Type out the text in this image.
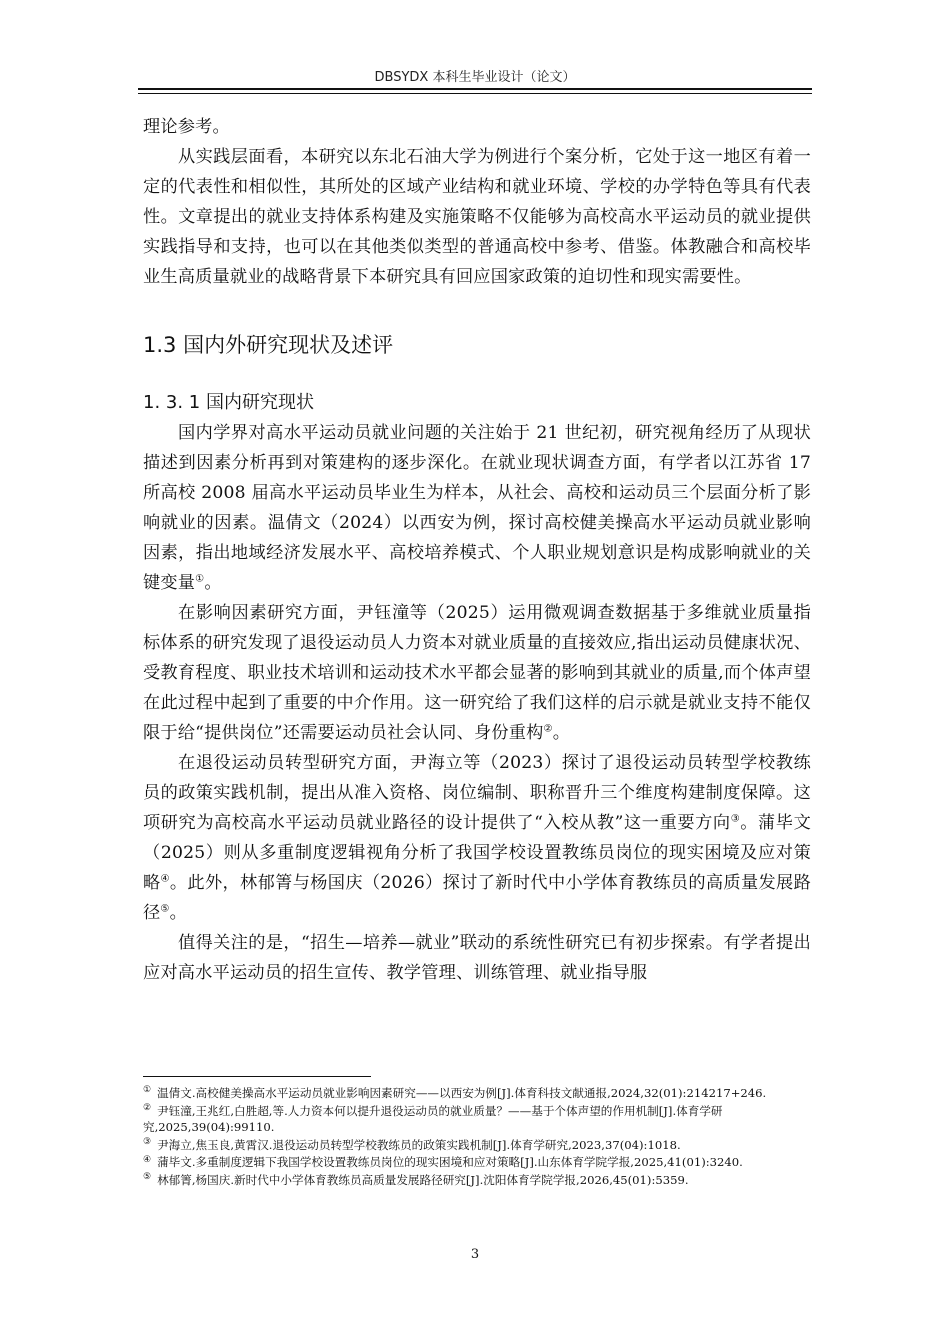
DBSYDX 本科生毕业设计（论文）

理论参考。

从实践层面看，本研究以东北石油大学为例进行个案分析，它处于这一地区有着一定的代表性和相似性，其所处的区域产业结构和就业环境、学校的办学特色等具有代表性。文章提出的就业支持体系构建及实施策略不仅能够为高校高水平运动员的就业提供实践指导和支持，也可以在其他类似类型的普通高校中参考、借鉴。体教融合和高校毕业生高质量就业的战略背景下本研究具有回应国家政策的迫切性和现实需要性。

1.3 国内外研究现状及述评
1. 3. 1 国内研究现状

国内学界对高水平运动员就业问题的关注始于 21 世纪初，研究视角经历了从现状描述到因素分析再到对策建构的逐步深化。在就业现状调查方面，有学者以江苏省 17 所高校 2008 届高水平运动员毕业生为样本，从社会、高校和运动员三个层面分析了影响就业的因素。温倩文（2024）以西安为例，探讨高校健美操高水平运动员就业影响因素，指出地域经济发展水平、高校培养模式、个人职业规划意识是构成影响就业的关键变量①。

在影响因素研究方面，尹钰潼等（2025）运用微观调查数据基于多维就业质量指标体系的研究发现了退役运动员人力资本对就业质量的直接效应,指出运动员健康状况、受教育程度、职业技术培训和运动技术水平都会显著的影响到其就业的质量,而个体声望在此过程中起到了重要的中介作用。这一研究给了我们这样的启示就是就业支持不能仅限于给“提供岗位”还需要运动员社会认同、身份重构②。

在退役运动员转型研究方面，尹海立等（2023）探讨了退役运动员转型学校教练员的政策实践机制，提出从准入资格、岗位编制、职称晋升三个维度构建制度保障。这项研究为高校高水平运动员就业路径的设计提供了“入校从教”这一重要方向③。蒲毕文（2025）则从多重制度逻辑视角分析了我国学校设置教练员岗位的现实困境及应对策略④。此外，林郁箐与杨国庆（2026）探讨了新时代中小学体育教练员的高质量发展路径⑤。

值得关注的是，“招生—培养—就业”联动的系统性研究已有初步探索。有学者提出应对高水平运动员的招生宣传、教学管理、训练管理、就业指导服

① 温倩文.高校健美操高水平运动员就业影响因素研究——以西安为例[J].体育科技文献通报,2024,32(01):214217+246.

② 尹钰潼,王兆红,白胜超,等.人力资本何以提升退役运动员的就业质量？——基于个体声望的作用机制[J].体育学研究,2025,39(04):99110.

③ 尹海立,焦玉良,黄霄汉.退役运动员转型学校教练员的政策实践机制[J].体育学研究,2023,37(04):1018.

④ 蒲毕文.多重制度逻辑下我国学校设置教练员岗位的现实困境和应对策略[J].山东体育学院学报,2025,41(01):3240.

⑤ 林郁箐,杨国庆.新时代中小学体育教练员高质量发展路径研究[J].沈阳体育学院学报,2026,45(01):5359.

3
